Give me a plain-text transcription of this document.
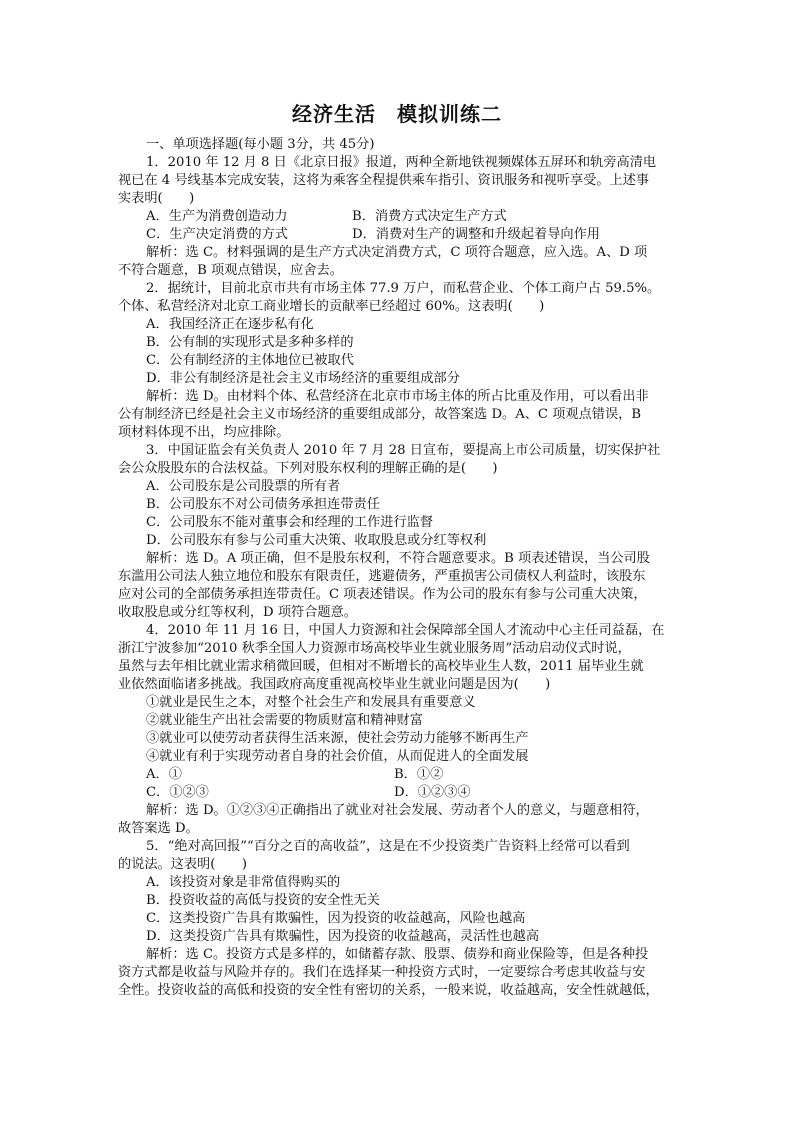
经济生活　模拟训练二
一、单项选择题(每小题 3分，共 45分)
1．2010 年 12 月 8 日《北京日报》报道，两种全新地铁视频媒体五屏环和轨旁高清电
视已在 4 号线基本完成安装，这将为乘客全程提供乘车指引、资讯服务和视听享受。上述事
实表明(　　)
A．生产为消费创造动力	B．消费方式决定生产方式
C．生产决定消费的方式	D．消费对生产的调整和升级起着导向作用
解析：选 C。材料强调的是生产方式决定消费方式，C 项符合题意，应入选。A、D 项
不符合题意，B 项观点错误，应舍去。
2．据统计，目前北京市共有市场主体 77.9 万户，而私营企业、个体工商户占 59.5%。
个体、私营经济对北京工商业增长的贡献率已经超过 60%。这表明(　　)
A．我国经济正在逐步私有化
B．公有制的实现形式是多种多样的
C．公有制经济的主体地位已被取代
D．非公有制经济是社会主义市场经济的重要组成部分
解析：选 D。由材料个体、私营经济在北京市市场主体的所占比重及作用，可以看出非
公有制经济已经是社会主义市场经济的重要组成部分，故答案选 D。A、C 项观点错误，B
项材料体现不出，均应排除。
3．中国证监会有关负责人 2010 年 7 月 28 日宣布，要提高上市公司质量，切实保护社
会公众股股东的合法权益。下列对股东权利的理解正确的是(　　)
A．公司股东是公司股票的所有者
B．公司股东不对公司债务承担连带责任
C．公司股东不能对董事会和经理的工作进行监督
D．公司股东有参与公司重大决策、收取股息或分红等权利
解析：选 D。A 项正确，但不是股东权利，不符合题意要求。B 项表述错误，当公司股
东滥用公司法人独立地位和股东有限责任，逃避债务，严重损害公司债权人利益时，该股东
应对公司的全部债务承担连带责任。C 项表述错误。作为公司的股东有参与公司重大决策，
收取股息或分红等权利，D 项符合题意。
4．2010 年 11 月 16 日，中国人力资源和社会保障部全国人才流动中心主任司益磊，在
浙江宁波参加“2010 秋季全国人力资源市场高校毕业生就业服务周”活动启动仪式时说，
虽然与去年相比就业需求稍微回暖，但相对不断增长的高校毕业生人数，2011 届毕业生就
业依然面临诸多挑战。我国政府高度重视高校毕业生就业问题是因为(　　)
①就业是民生之本，对整个社会生产和发展具有重要意义
②就业能生产出社会需要的物质财富和精神财富
③就业可以使劳动者获得生活来源，使社会劳动力能够不断再生产
④就业有利于实现劳动者自身的社会价值，从而促进人的全面发展
A．①	B．①②
C．①②③	D．①②③④
解析：选 D。①②③④正确指出了就业对社会发展、劳动者个人的意义，与题意相符，
故答案选 D。
5．“绝对高回报”“百分之百的高收益”，这是在不少投资类广告资料上经常可以看到
的说法。这表明(　　)
A．该投资对象是非常值得购买的
B．投资收益的高低与投资的安全性无关
C．这类投资广告具有欺骗性，因为投资的收益越高，风险也越高
D．这类投资广告具有欺骗性，因为投资的收益越高，灵活性也越高
解析：选 C。投资方式是多样的，如储蓄存款、股票、债券和商业保险等，但是各种投
资方式都是收益与风险并存的。我们在选择某一种投资方式时，一定要综合考虑其收益与安
全性。投资收益的高低和投资的安全性有密切的关系，一般来说，收益越高，安全性就越低，
